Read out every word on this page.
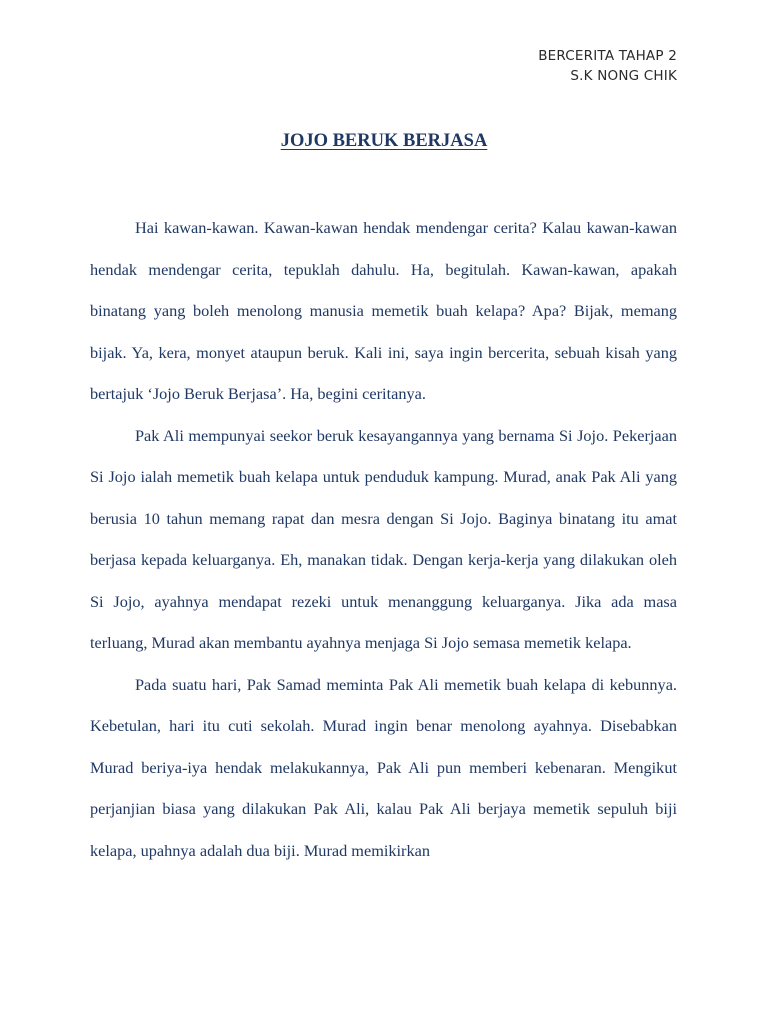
BERCERITA TAHAP 2
S.K NONG CHIK
JOJO BERUK BERJASA

Hai kawan-kawan. Kawan-kawan hendak mendengar cerita? Kalau kawan-kawan hendak mendengar cerita, tepuklah dahulu. Ha, begitulah. Kawan-kawan, apakah binatang yang boleh menolong manusia memetik buah kelapa? Apa? Bijak, memang bijak. Ya, kera, monyet ataupun beruk. Kali ini, saya ingin bercerita, sebuah kisah yang bertajuk ‘Jojo Beruk Berjasa’. Ha, begini ceritanya.

Pak Ali mempunyai seekor beruk kesayangannya yang bernama Si Jojo. Pekerjaan Si Jojo ialah memetik buah kelapa untuk penduduk kampung. Murad, anak Pak Ali yang berusia 10 tahun memang rapat dan mesra dengan Si Jojo. Baginya binatang itu amat berjasa kepada keluarganya. Eh, manakan tidak. Dengan kerja-kerja yang dilakukan oleh Si Jojo, ayahnya mendapat rezeki untuk menanggung keluarganya. Jika ada masa terluang, Murad akan membantu ayahnya menjaga Si Jojo semasa memetik kelapa.

Pada suatu hari, Pak Samad meminta Pak Ali memetik buah kelapa di kebunnya. Kebetulan, hari itu cuti sekolah. Murad ingin benar menolong ayahnya. Disebabkan Murad beriya-iya hendak melakukannya, Pak Ali pun memberi kebenaran. Mengikut perjanjian biasa yang dilakukan Pak Ali, kalau Pak Ali berjaya memetik sepuluh biji kelapa, upahnya adalah dua biji. Murad memikirkan
